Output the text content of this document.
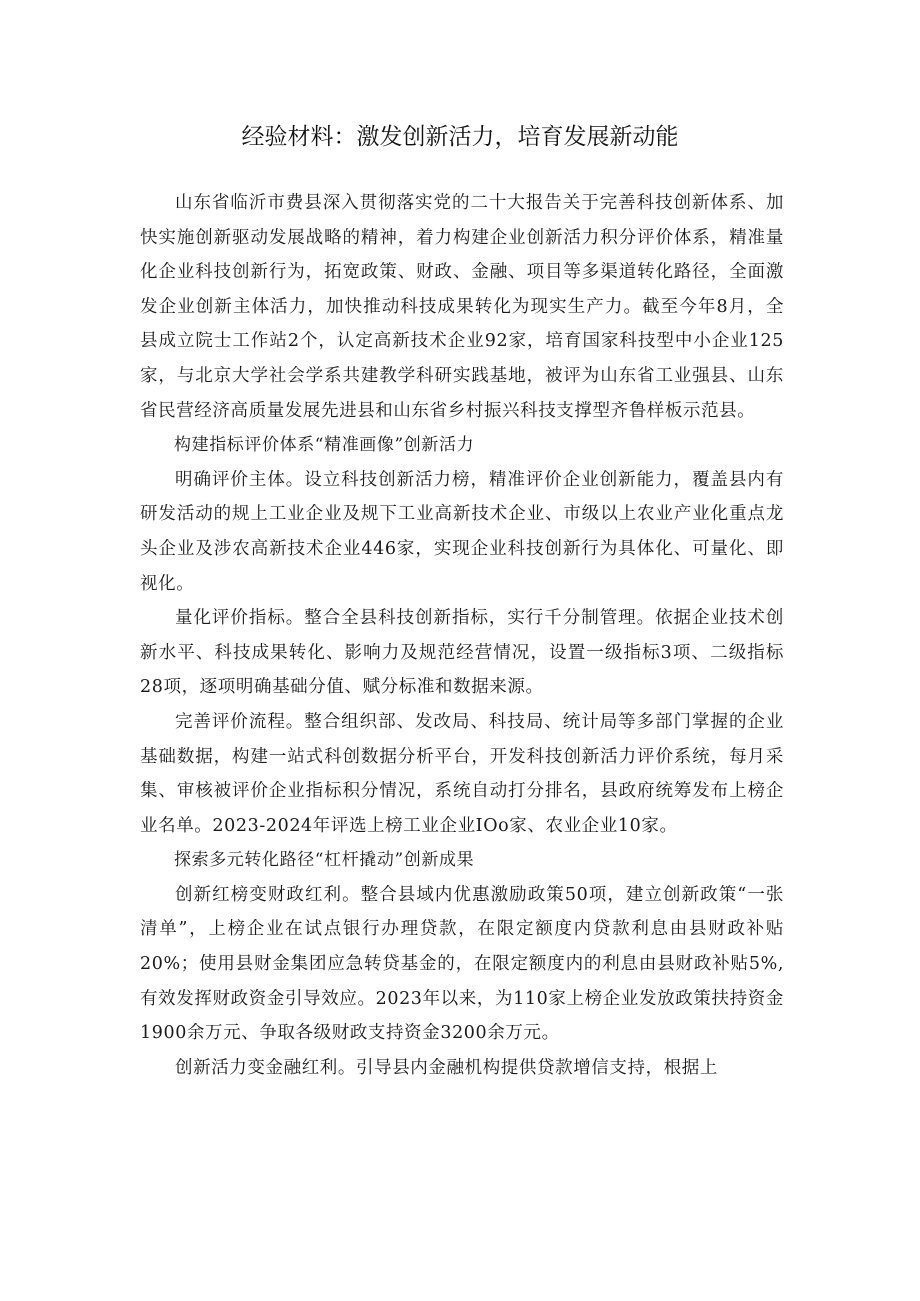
经验材料：激发创新活力，培育发展新动能

山东省临沂市费县深入贯彻落实党的二十大报告关于完善科技创新体系、加快实施创新驱动发展战略的精神，着力构建企业创新活力积分评价体系，精准量化企业科技创新行为，拓宽政策、财政、金融、项目等多渠道转化路径，全面激发企业创新主体活力，加快推动科技成果转化为现实生产力。截至今年8月，全县成立院士工作站2个，认定高新技术企业92家，培育国家科技型中小企业125家，与北京大学社会学系共建教学科研实践基地，被评为山东省工业强县、山东省民营经济高质量发展先进县和山东省乡村振兴科技支撑型齐鲁样板示范县。

构建指标评价体系“精准画像”创新活力

明确评价主体。设立科技创新活力榜，精准评价企业创新能力，覆盖县内有研发活动的规上工业企业及规下工业高新技术企业、市级以上农业产业化重点龙头企业及涉农高新技术企业446家，实现企业科技创新行为具体化、可量化、即视化。

量化评价指标。整合全县科技创新指标，实行千分制管理。依据企业技术创新水平、科技成果转化、影响力及规范经营情况，设置一级指标3项、二级指标28项，逐项明确基础分值、赋分标准和数据来源。

完善评价流程。整合组织部、发改局、科技局、统计局等多部门掌握的企业基础数据，构建一站式科创数据分析平台，开发科技创新活力评价系统，每月采集、审核被评价企业指标积分情况，系统自动打分排名，县政府统筹发布上榜企业名单。2023-2024年评选上榜工业企业IOo家、农业企业10家。

探索多元转化路径“杠杆撬动”创新成果

创新红榜变财政红利。整合县域内优惠激励政策50项，建立创新政策“一张清单”，上榜企业在试点银行办理贷款，在限定额度内贷款利息由县财政补贴20%；使用县财金集团应急转贷基金的，在限定额度内的利息由县财政补贴5%,有效发挥财政资金引导效应。2023年以来，为110家上榜企业发放政策扶持资金1900余万元、争取各级财政支持资金3200余万元。

创新活力变金融红利。引导县内金融机构提供贷款增信支持，根据上
